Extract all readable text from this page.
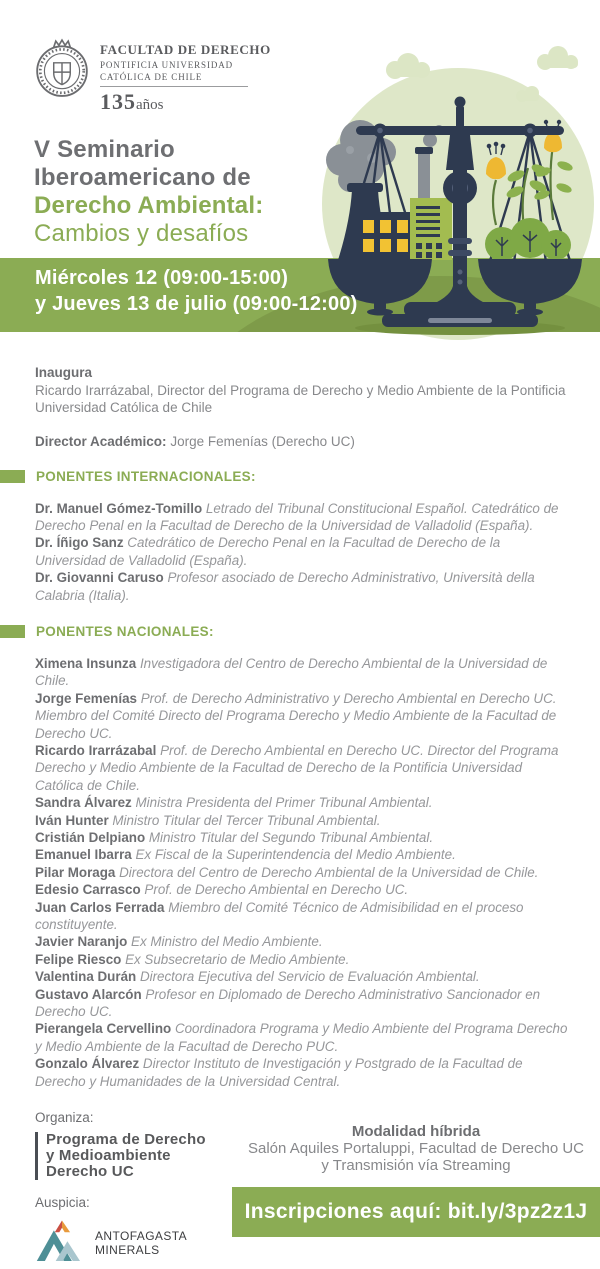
Miércoles 12 (09:00-15:00)
y Jueves 13 de julio (09:00-12:00)
FACULTAD DE DERECHO
PONTIFICIA UNIVERSIDAD
CATÓLICA DE CHILE
135años
V Seminario
Iberoamericano de
Derecho Ambiental:
Cambios y desafíos
Inaugura
Ricardo Irarrázabal, Director del Programa de Derecho y Medio Ambiente de la Pontificia Universidad Católica de Chile
Director Académico: Jorge Femenías (Derecho UC)
PONENTES INTERNACIONALES:
Dr. Manuel Gómez-Tomillo Letrado del Tribunal Constitucional Español. Catedrático de Derecho Penal en la Facultad de Derecho de la Universidad de Valladolid (España).
Dr. Íñigo Sanz Catedrático de Derecho Penal en la Facultad de Derecho de la Universidad de Valladolid (España).
Dr. Giovanni Caruso Profesor asociado de Derecho Administrativo, Università della Calabria (Italia).
PONENTES NACIONALES:
Ximena Insunza Investigadora del Centro de Derecho Ambiental de la Universidad de Chile.
Jorge Femenías Prof. de Derecho Administrativo y Derecho Ambiental en Derecho UC. Miembro del Comité Directo del Programa Derecho y Medio Ambiente de la Facultad de Derecho UC.
Ricardo Irarrázabal Prof. de Derecho Ambiental en Derecho UC. Director del Programa Derecho y Medio Ambiente de la Facultad de Derecho de la Pontificia Universidad Católica de Chile.
Sandra Álvarez Ministra Presidenta del Primer Tribunal Ambiental.
Iván Hunter Ministro Titular del Tercer Tribunal Ambiental.
Cristián Delpiano Ministro Titular del Segundo Tribunal Ambiental.
Emanuel Ibarra Ex Fiscal de la Superintendencia del Medio Ambiente.
Pilar Moraga Directora del Centro de Derecho Ambiental de la Universidad de Chile.
Edesio Carrasco Prof. de Derecho Ambiental en Derecho UC.
Juan Carlos Ferrada Miembro del Comité Técnico de Admisibilidad en el proceso constituyente.
Javier Naranjo Ex Ministro del Medio Ambiente.
Felipe Riesco Ex Subsecretario de Medio Ambiente.
Valentina Durán Directora Ejecutiva del Servicio de Evaluación Ambiental.
Gustavo Alarcón Profesor en Diplomado de Derecho Administrativo Sancionador en Derecho UC.
Pierangela Cervellino Coordinadora Programa y Medio Ambiente del Programa Derecho y Medio Ambiente de la Facultad de Derecho PUC.
Gonzalo Álvarez Director Instituto de Investigación y Postgrado de la Facultad de Derecho y Humanidades de la Universidad Central.
Organiza:
Programa de Derecho
y Medioambiente
Derecho UC
Auspicia:
ANTOFAGASTA
MINERALS
Modalidad híbrida
Salón Aquiles Portaluppi, Facultad de Derecho UC
y Transmisión vía Streaming
Inscripciones aquí: bit.ly/3pz2z1J
